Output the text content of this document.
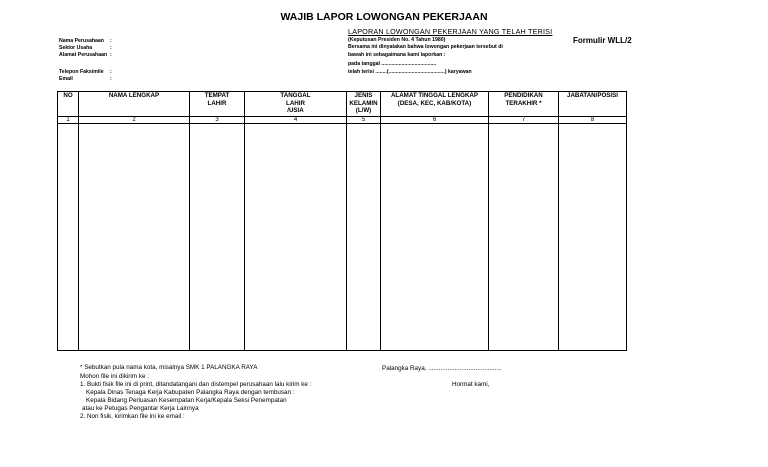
WAJIB LAPOR LOWONGAN PEKERJAAN
Nama Perusahaan :
Sektor Usaha	:
Alamat Perusahaan :
Telepon Faksimile :
Email	:
LAPORAN LOWONGAN PEKERJAAN YANG TELAH TERISI
(Keputusan Presiden No. 4 Tahun 1980)
Bersama ini dinyatakan bahwa lowongan pekerjaan tersebut di
bawah ini sebagaimana kami laporkan :
pada tanggal ......................................
telah terisi ........(.......................................) karyawan
Formulir WLL/2
NO	NAMA LENGKAP	TEMPAT
LAHIR	TANGGAL
LAHIR
/USIA	JENIS
KELAMIN
(L/W)	ALAMAT TINGGAL LENGKAP
(DESA, KEC, KAB/KOTA)	PENDIDIKAN
TERAKHIR *	JABATAN/POSISI
1	2	3	4	5	6	7	8

* Sebutkan pula nama kota, misalnya SMK 1 PALANGKA RAYA
Mohon file ini dikirim ke :
1. Bukti fisik file ini di print, ditandatangani dan distempel perusahaan lalu kirim ke :
Kepala Dinas Tenaga Kerja Kabupaten Palangka Raya dengan tembusan :
Kepala Bidang Perluasan Kesempatan Kerja/Kepala Seksi Penempatan
atau ke Petugas Pengantar Kerja Lainnya
2. Non fisik, kirimkan file ini ke email :
Palangka Raya, ..........................................
Hormat kami,
